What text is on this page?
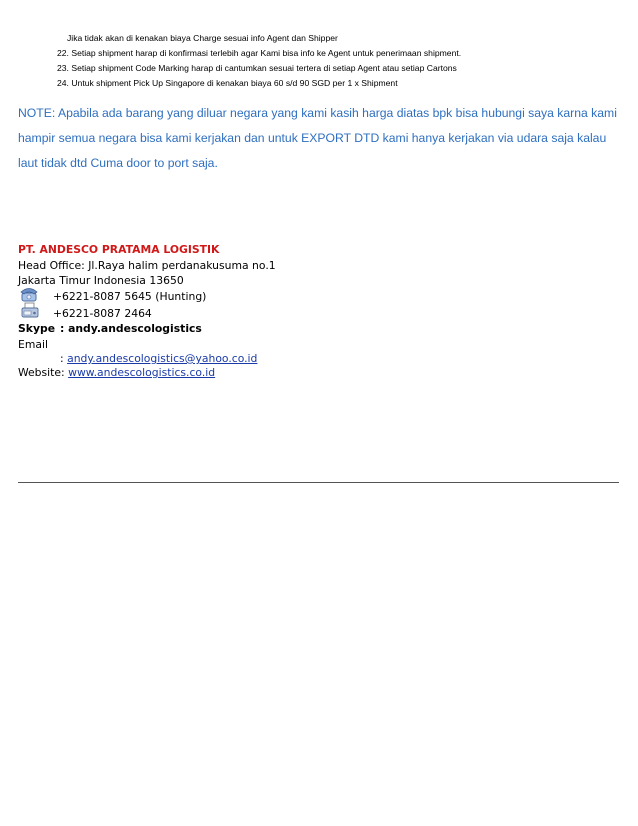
Jika tidak akan di kenakan biaya Charge sesuai info Agent dan Shipper
22. Setiap shipment harap di konfirmasi terlebih agar Kami bisa info ke Agent untuk penerimaan shipment.
23. Setiap shipment Code Marking harap di cantumkan sesuai tertera di setiap Agent atau setiap Cartons
24. Untuk shipment Pick Up Singapore di kenakan biaya 60 s/d 90 SGD per 1 x Shipment
NOTE: Apabila ada barang yang diluar negara yang kami kasih harga diatas bpk bisa hubungi saya karna kami hampir semua negara bisa kami kerjakan dan untuk EXPORT DTD kami hanya kerjakan via udara saja kalau laut tidak dtd Cuma door to port saja.
PT. ANDESCO PRATAMA LOGISTIK
Head Office: Jl.Raya halim perdanakusuma no.1
Jakarta Timur Indonesia 13650
+6221-8087 5645 (Hunting)
+6221-8087 2464
Skype : andy.andescologistics
Email
: andy.andescologistics@yahoo.co.id
Website: www.andescologistics.co.id
